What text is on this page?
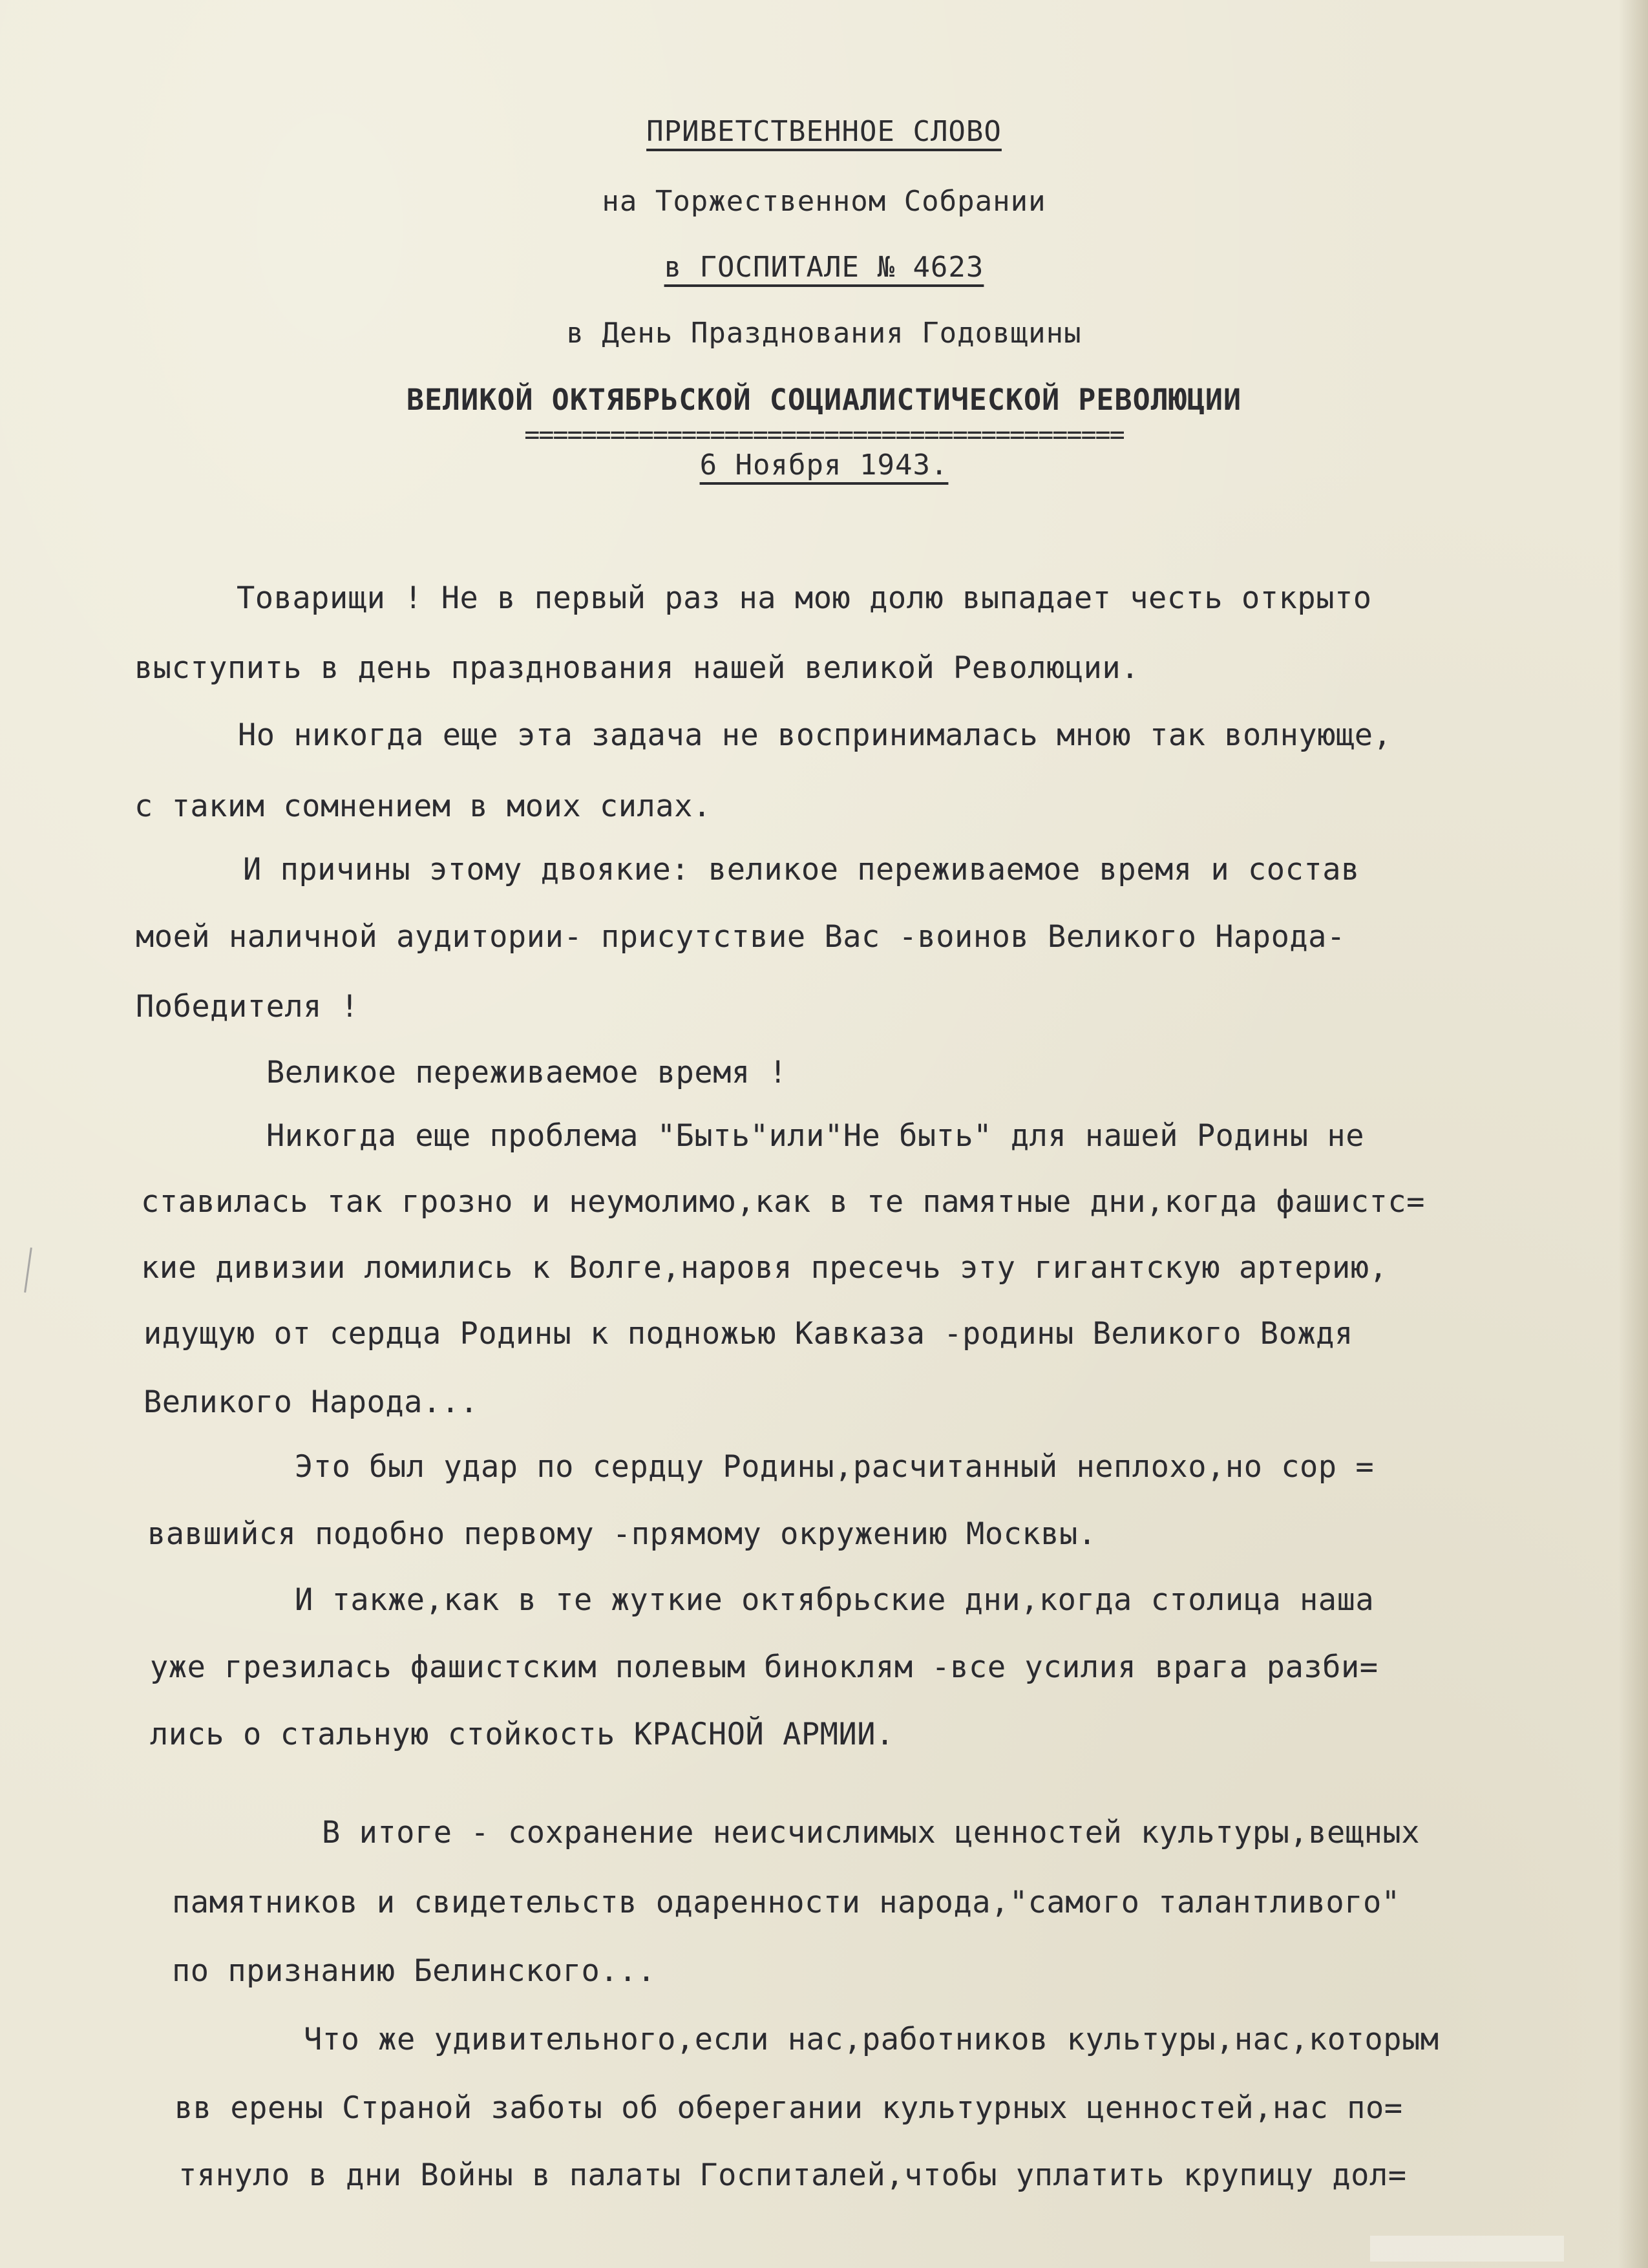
ПРИВЕТСТВЕННОЕ СЛОВО
на Торжественном Собрании
в ГОСПИТАЛЕ № 4623
в День Празднования Годовщины
ВЕЛИКОЙ ОКТЯБРЬСКОЙ СОЦИАЛИСТИЧЕСКОЙ РЕВОЛЮЦИИ
==========================================
6 Ноября 1943.
Товарищи ! Не в первый раз на мою долю выпадает честь открыто
выступить в день празднования нашей великой Революции.
Но никогда еще эта задача не воспринималась мною так волнующе,
с таким сомнением в моих силах.
И причины этому двоякие: великое переживаемое время и состав
моей наличной аудитории- присутствие Вас -воинов Великого Народа-
Победителя !
Великое переживаемое время !
Никогда еще проблема "Быть"или"Не быть" для нашей Родины не
ставилась так грозно и неумолимо,как в те памятные дни,когда фашистс=
кие дивизии ломились к Волге,наровя пресечь эту гигантскую артерию,
идущую от сердца Родины к подножью Кавказа -родины Великого Вождя
Великого Народа...
Это был удар по сердцу Родины,расчитанный неплохо,но сор =
вавшийся подобно первому -прямому окружению Москвы.
И также,как в те жуткие октябрьские дни,когда столица наша
уже грезилась фашистским полевым биноклям -все усилия врага разби=
лись о стальную стойкость КРАСНОЙ АРМИИ.
В итоге - сохранение неисчислимых ценностей культуры,вещных
памятников и свидетельств одаренности народа,"самого талантливого"
по признанию Белинского...
Что же удивительного,если нас,работников культуры,нас,которым
вв ерены Страной заботы об оберегании культурных ценностей,нас по=
тянуло в дни Войны в палаты Госпиталей,чтобы уплатить крупицу дол=
